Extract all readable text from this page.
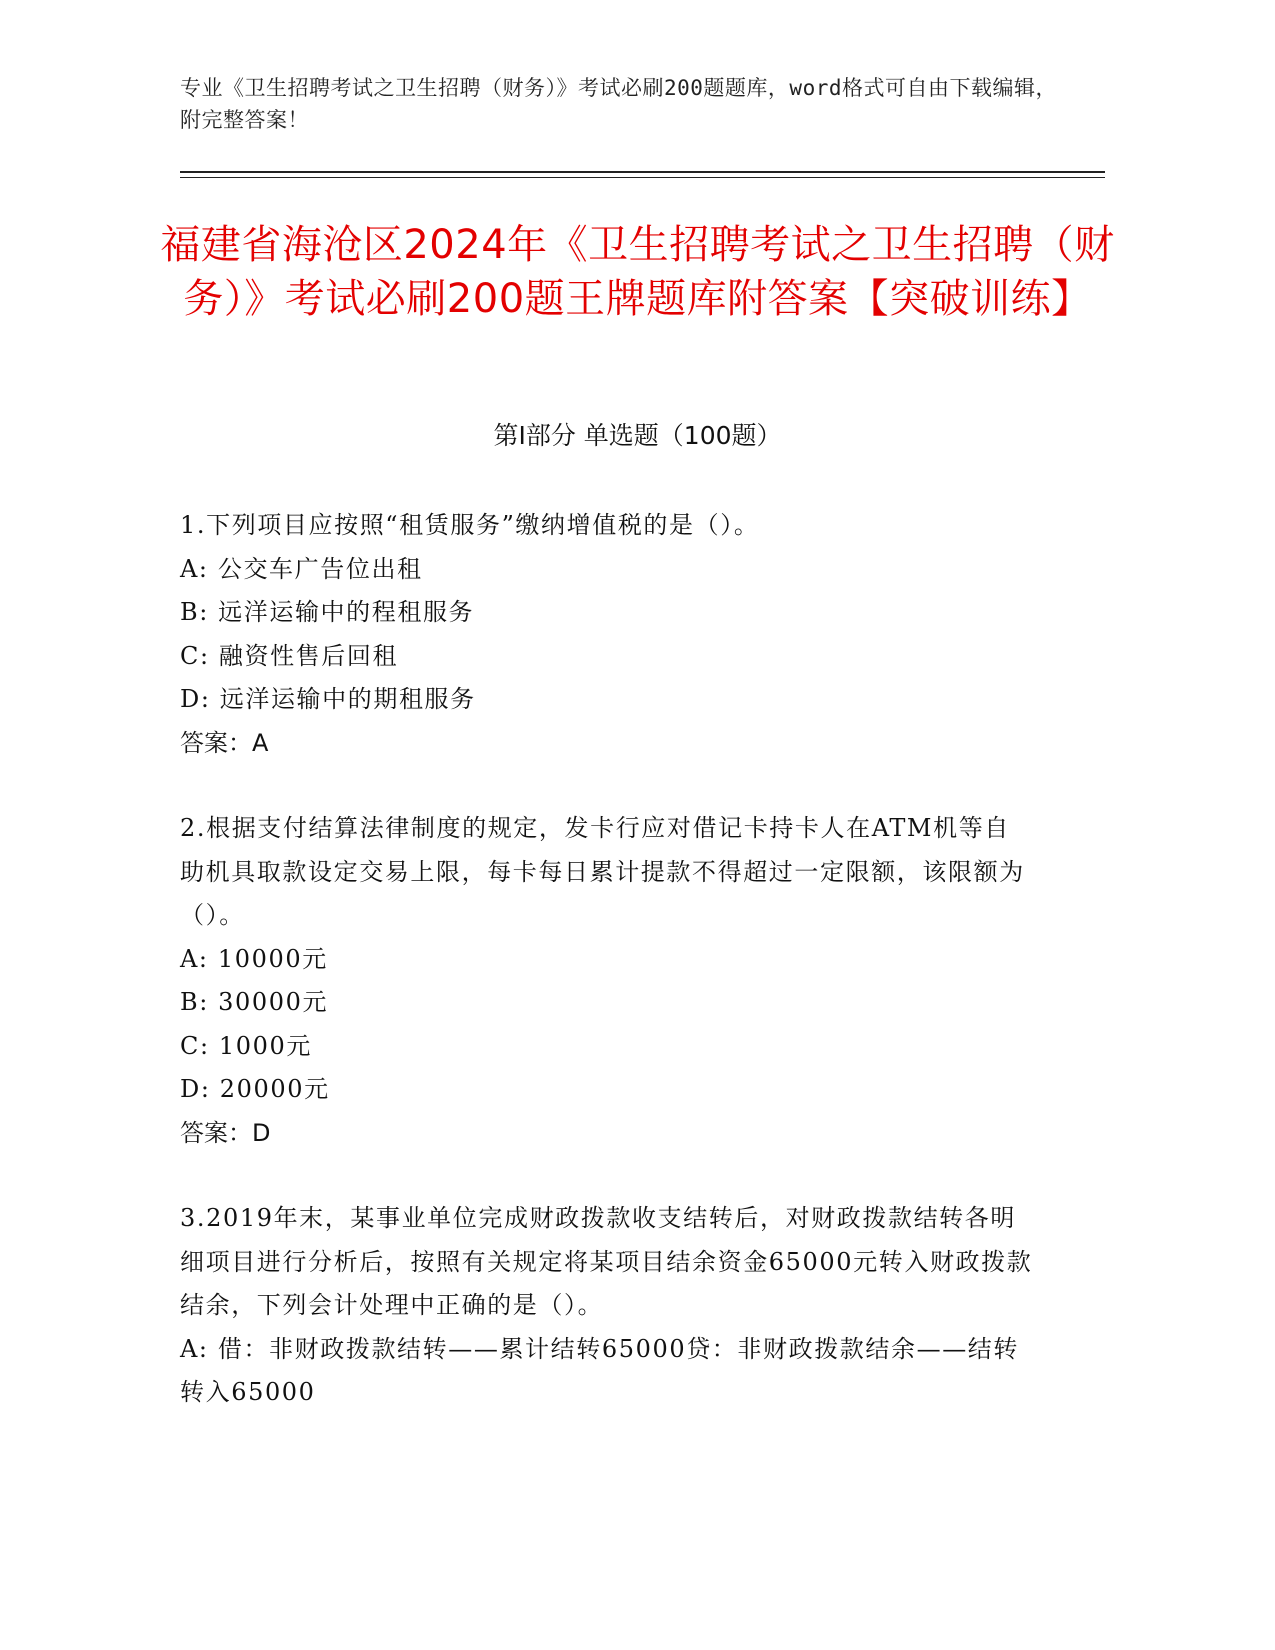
专业《卫生招聘考试之卫生招聘（财务）》考试必刷200题题库，word格式可自由下载编辑，附完整答案！
福建省海沧区2024年《卫生招聘考试之卫生招聘（财务）》考试必刷200题王牌题库附答案【突破训练】
第Ⅰ部分 单选题（100题）

1.下列项目应按照“租赁服务”缴纳增值税的是（）。

A: 公交车广告位出租

B: 远洋运输中的程租服务

C: 融资性售后回租

D: 远洋运输中的期租服务

答案：A

2.根据支付结算法律制度的规定，发卡行应对借记卡持卡人在ATM机等自助机具取款设定交易上限，每卡每日累计提款不得超过一定限额，该限额为（）。

A: 10000元

B: 30000元

C: 1000元

D: 20000元

答案：D

3.2019年末，某事业单位完成财政拨款收支结转后，对财政拨款结转各明细项目进行分析后，按照有关规定将某项目结余资金65000元转入财政拨款结余，下列会计处理中正确的是（）。

A: 借：非财政拨款结转——累计结转65000贷：非财政拨款结余——结转转入65000
